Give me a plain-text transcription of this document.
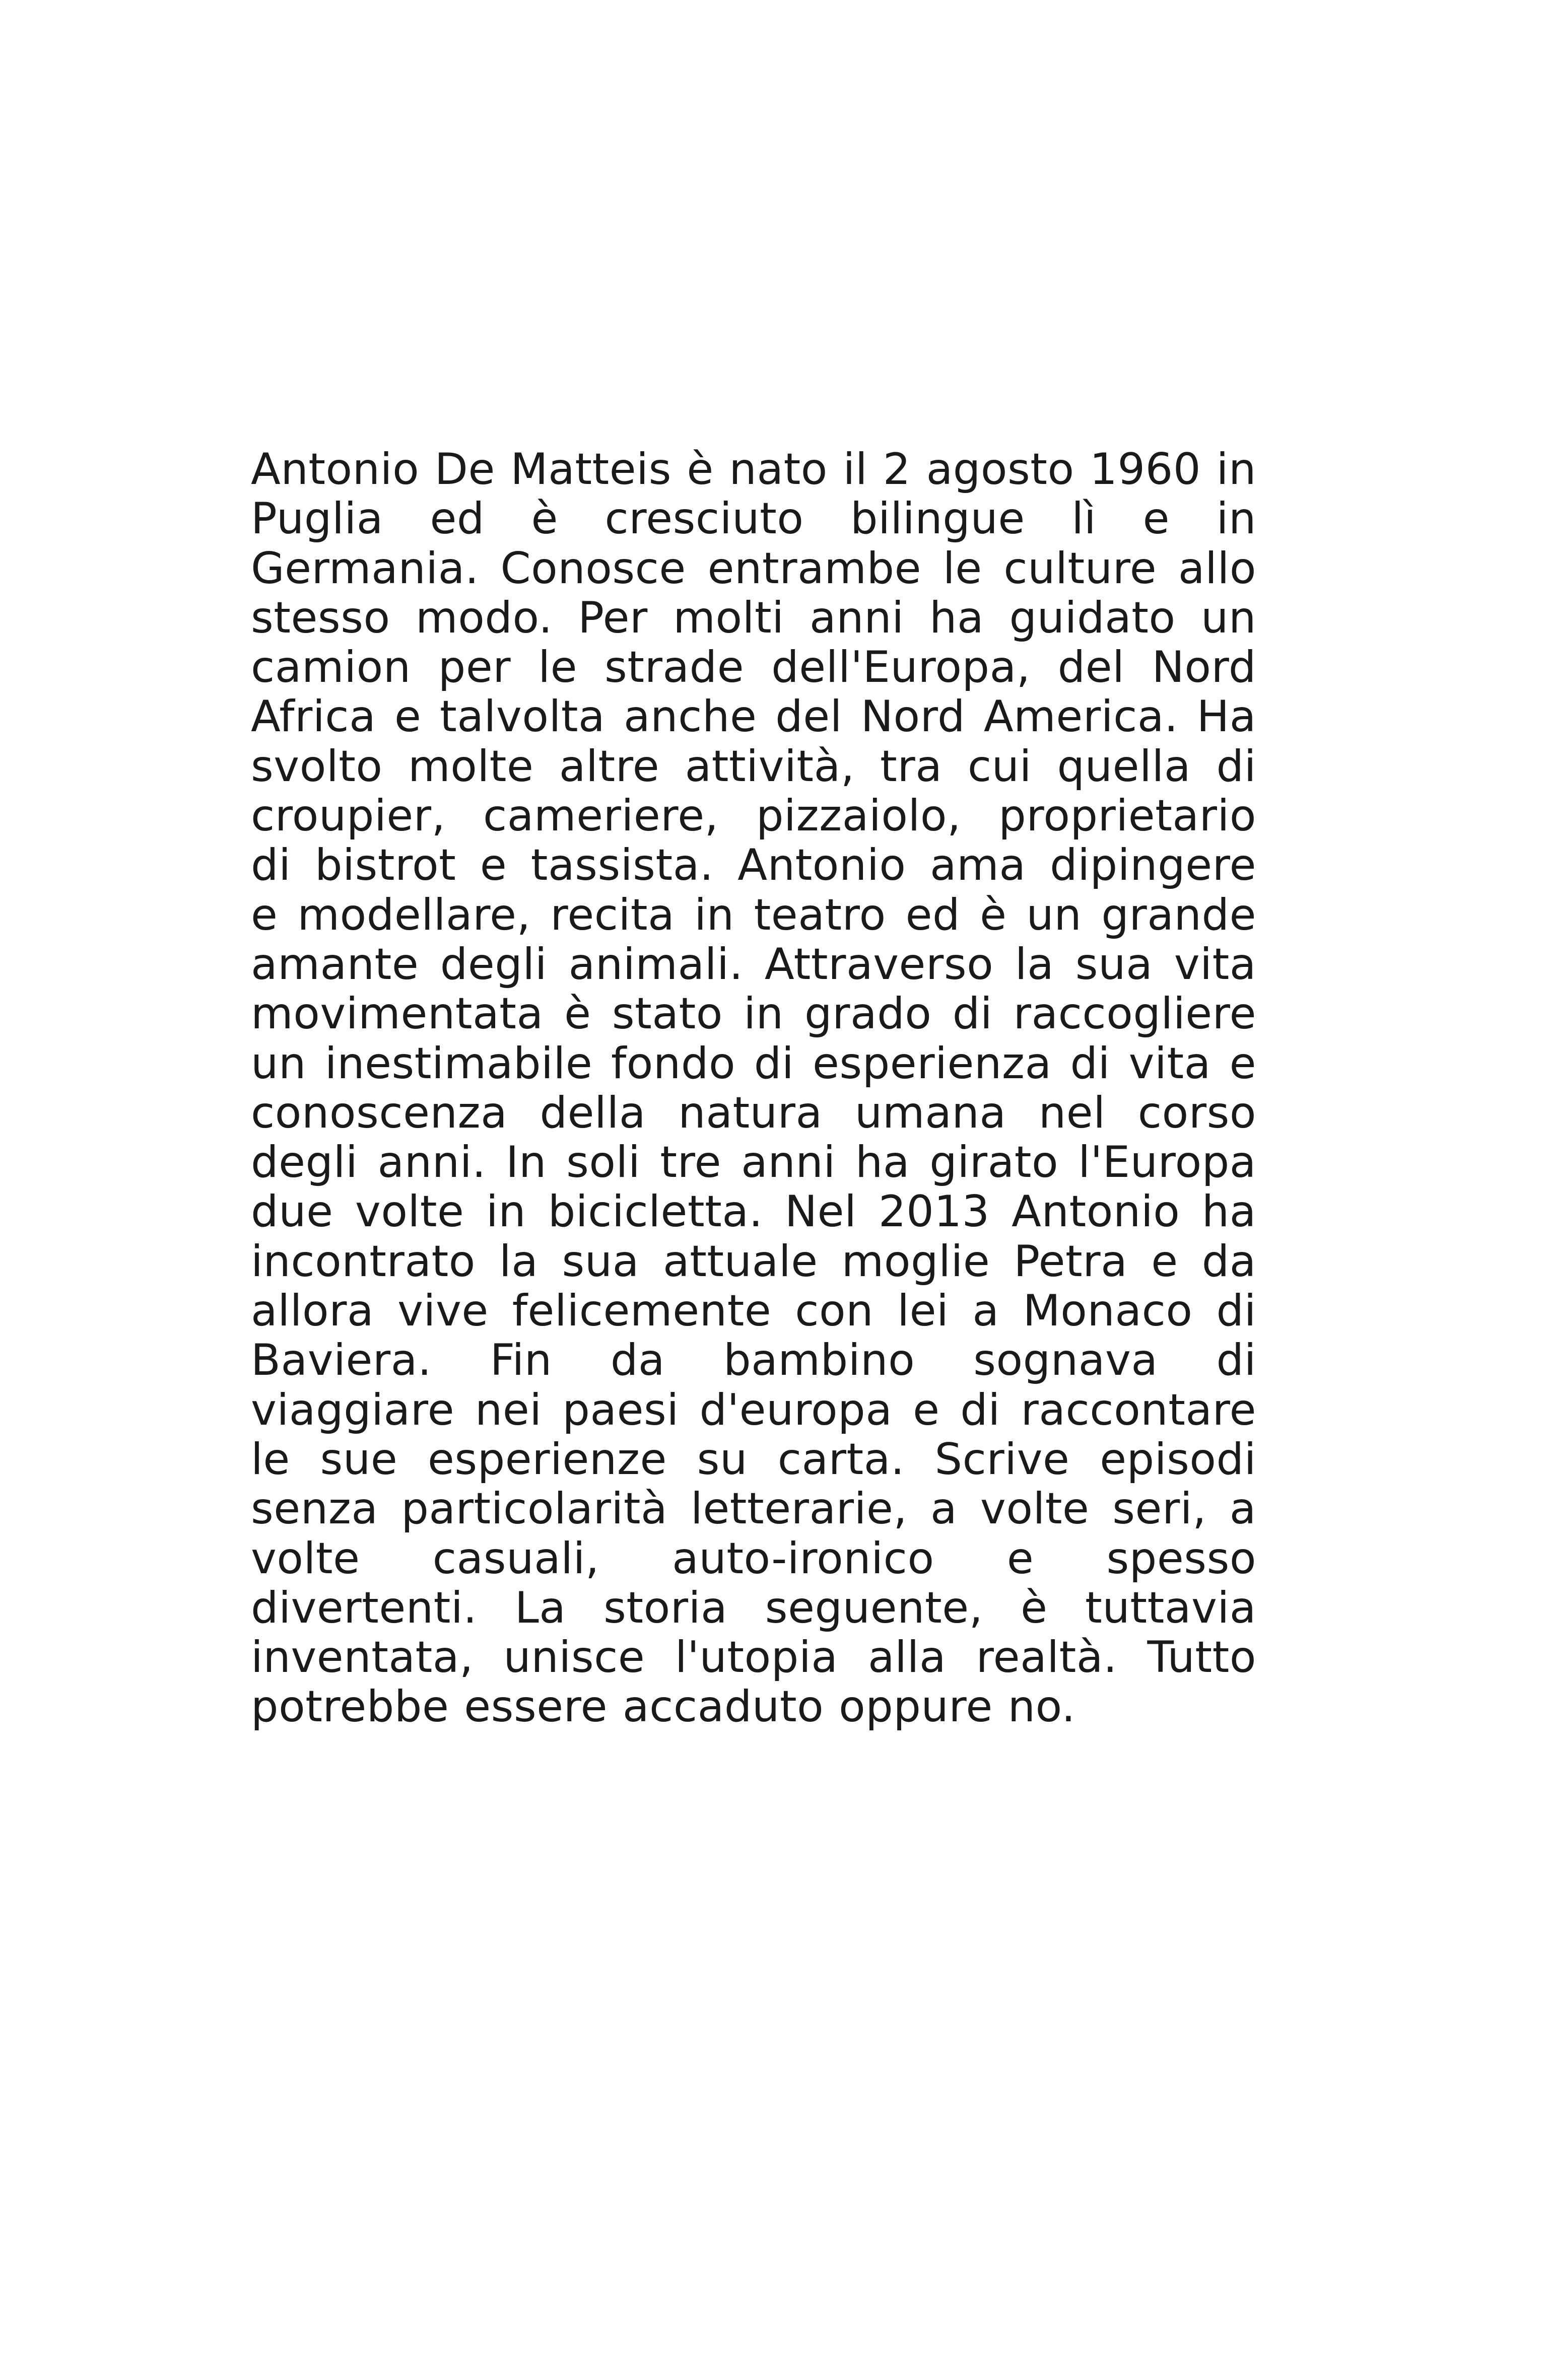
Antonio De Matteis è nato il 2 agosto 1960 in
Puglia ed è cresciuto bilingue lì e in
Germania. Conosce entrambe le culture allo
stesso modo. Per molti anni ha guidato un
camion per le strade dell'Europa, del Nord
Africa e talvolta anche del Nord America. Ha
svolto molte altre attività, tra cui quella di
croupier, cameriere, pizzaiolo, proprietario
di bistrot e tassista. Antonio ama dipingere
e modellare, recita in teatro ed è un grande
amante degli animali. Attraverso la sua vita
movimentata è stato in grado di raccogliere
un inestimabile fondo di esperienza di vita e
conoscenza della natura umana nel corso
degli anni. In soli tre anni ha girato l'Europa
due volte in bicicletta. Nel 2013 Antonio ha
incontrato la sua attuale moglie Petra e da
allora vive felicemente con lei a Monaco di
Baviera. Fin da bambino sognava di
viaggiare nei paesi d'europa e di raccontare
le sue esperienze su carta. Scrive episodi
senza particolarità letterarie, a volte seri, a
volte casuali, auto-ironico e spesso
divertenti. La storia seguente, è tuttavia
inventata, unisce l'utopia alla realtà. Tutto
potrebbe essere accaduto oppure no.
